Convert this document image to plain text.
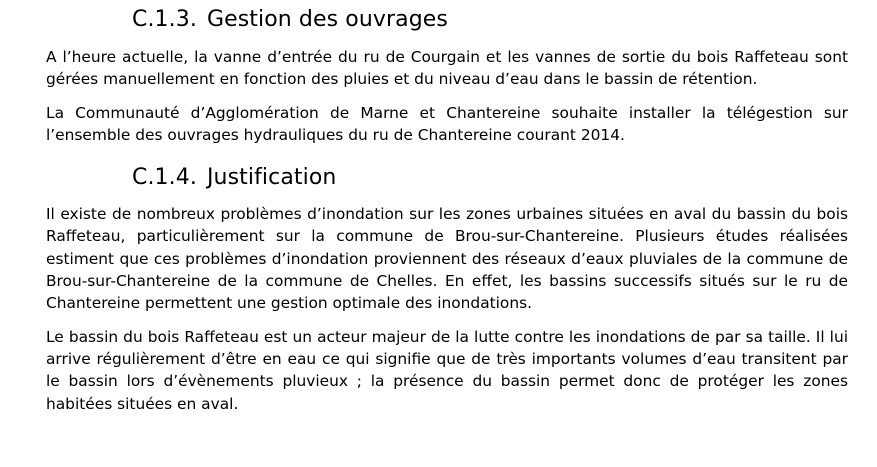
C.1.3. Gestion des ouvrages

A l’heure actuelle, la vanne d’entrée du ru de Courgain et les vannes de sortie du bois Raffeteau sont gérées manuellement en fonction des pluies et du niveau d’eau dans le bassin de rétention.

La Communauté d’Agglomération de Marne et Chantereine souhaite installer la télégestion sur l’ensemble des ouvrages hydrauliques du ru de Chantereine courant 2014.

C.1.4. Justification

Il existe de nombreux problèmes d’inondation sur les zones urbaines situées en aval du bassin du bois Raffeteau, particulièrement sur la commune de Brou-sur-Chantereine. Plusieurs études réalisées estiment que ces problèmes d’inondation proviennent des réseaux d’eaux pluviales de la commune de Brou-sur-Chantereine de la commune de Chelles. En effet, les bassins successifs situés sur le ru de Chantereine permettent une gestion optimale des inondations.

Le bassin du bois Raffeteau est un acteur majeur de la lutte contre les inondations de par sa taille. Il lui arrive régulièrement d’être en eau ce qui signifie que de très importants volumes d’eau transitent par le bassin lors d’évènements pluvieux ; la présence du bassin permet donc de protéger les zones habitées situées en aval.
